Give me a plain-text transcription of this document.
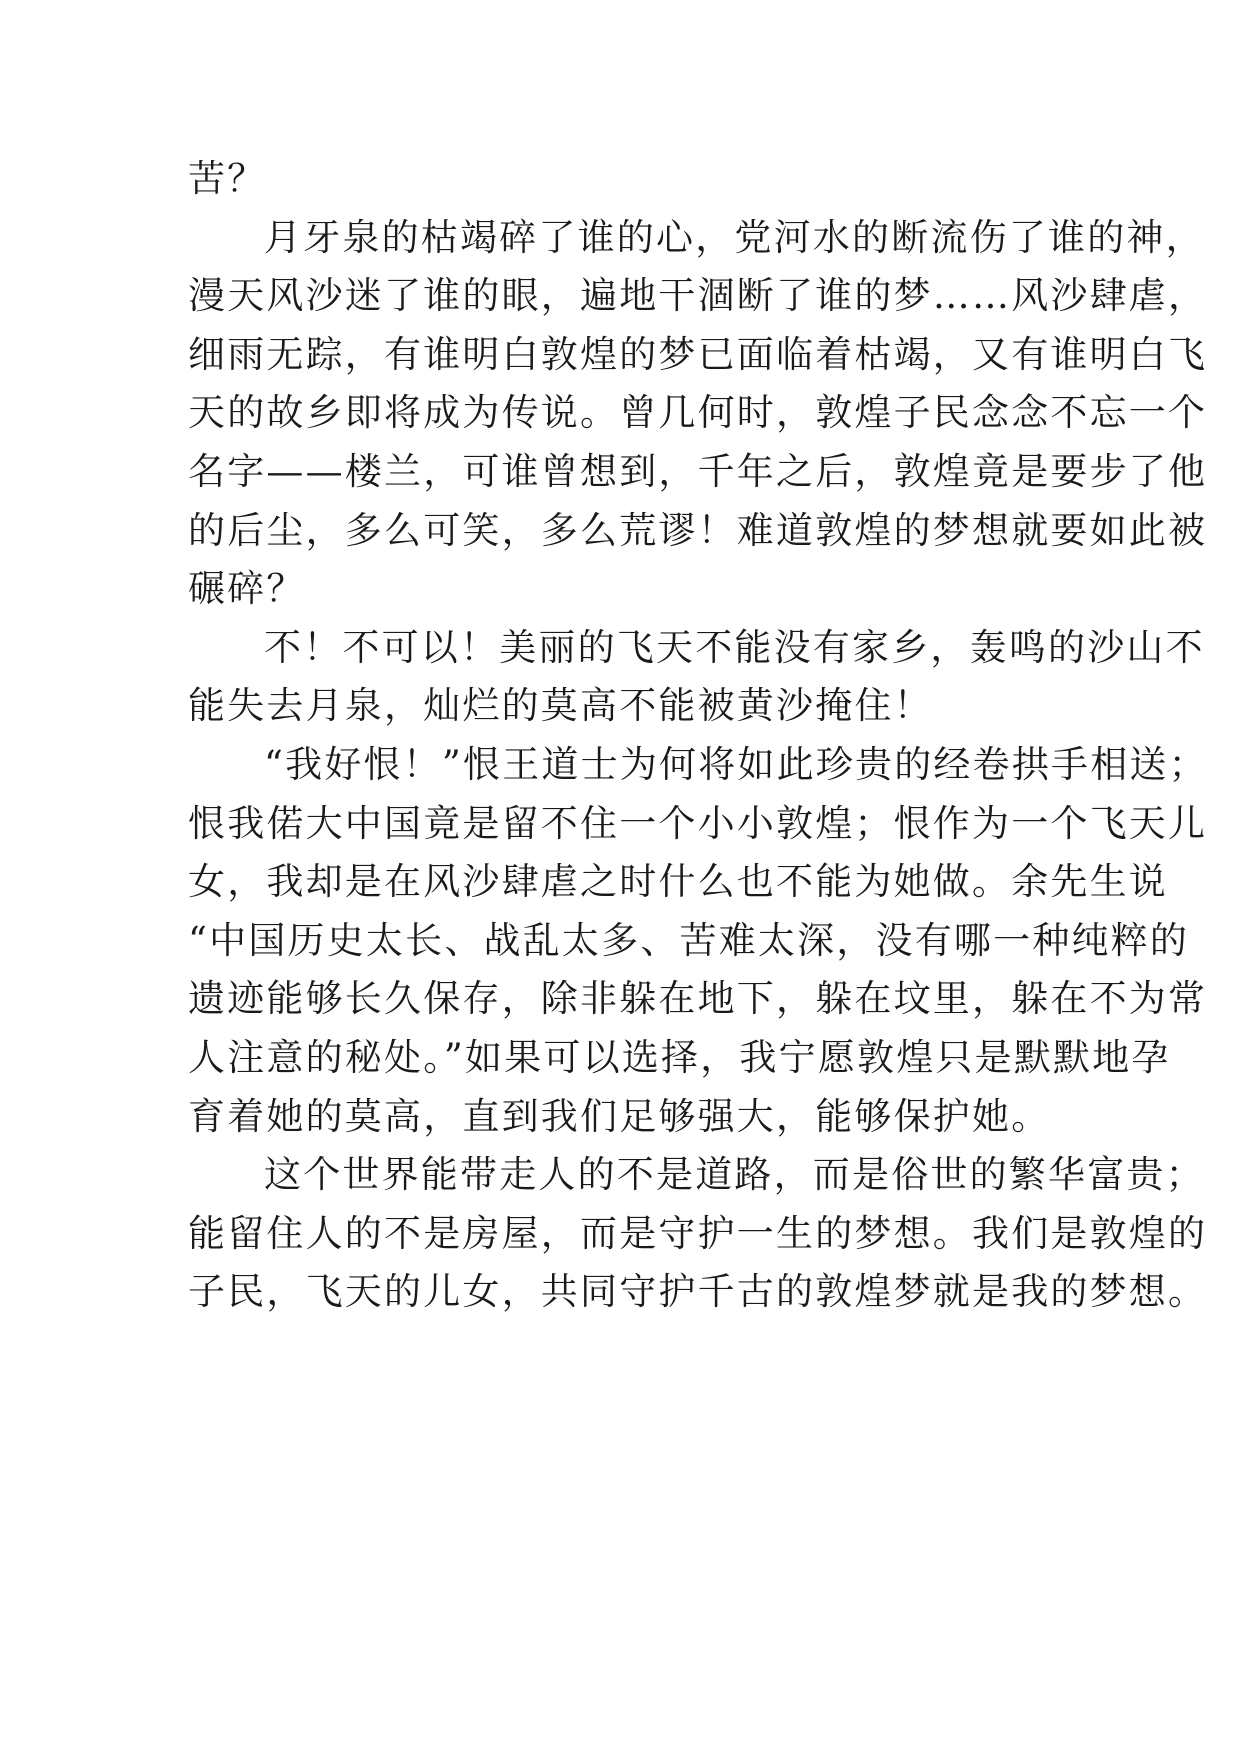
苦？

月牙泉的枯竭碎了谁的心，党河水的断流伤了谁的神，
漫天风沙迷了谁的眼，遍地干涸断了谁的梦……风沙肆虐，
细雨无踪，有谁明白敦煌的梦已面临着枯竭，又有谁明白飞
天的故乡即将成为传说。曾几何时，敦煌子民念念不忘一个
名字——楼兰，可谁曾想到，千年之后，敦煌竟是要步了他
的后尘，多么可笑，多么荒谬！难道敦煌的梦想就要如此被
碾碎？

不！不可以！美丽的飞天不能没有家乡，轰鸣的沙山不
能失去月泉，灿烂的莫高不能被黄沙掩住！

“我好恨！”恨王道士为何将如此珍贵的经卷拱手相送；
恨我偌大中国竟是留不住一个小小敦煌；恨作为一个飞天儿
女，我却是在风沙肆虐之时什么也不能为她做。余先生说
“中国历史太长、战乱太多、苦难太深，没有哪一种纯粹的
遗迹能够长久保存，除非躲在地下，躲在坟里，躲在不为常
人注意的秘处。”如果可以选择，我宁愿敦煌只是默默地孕
育着她的莫高，直到我们足够强大，能够保护她。

这个世界能带走人的不是道路，而是俗世的繁华富贵；
能留住人的不是房屋，而是守护一生的梦想。我们是敦煌的
子民，飞天的儿女，共同守护千古的敦煌梦就是我的梦想。
